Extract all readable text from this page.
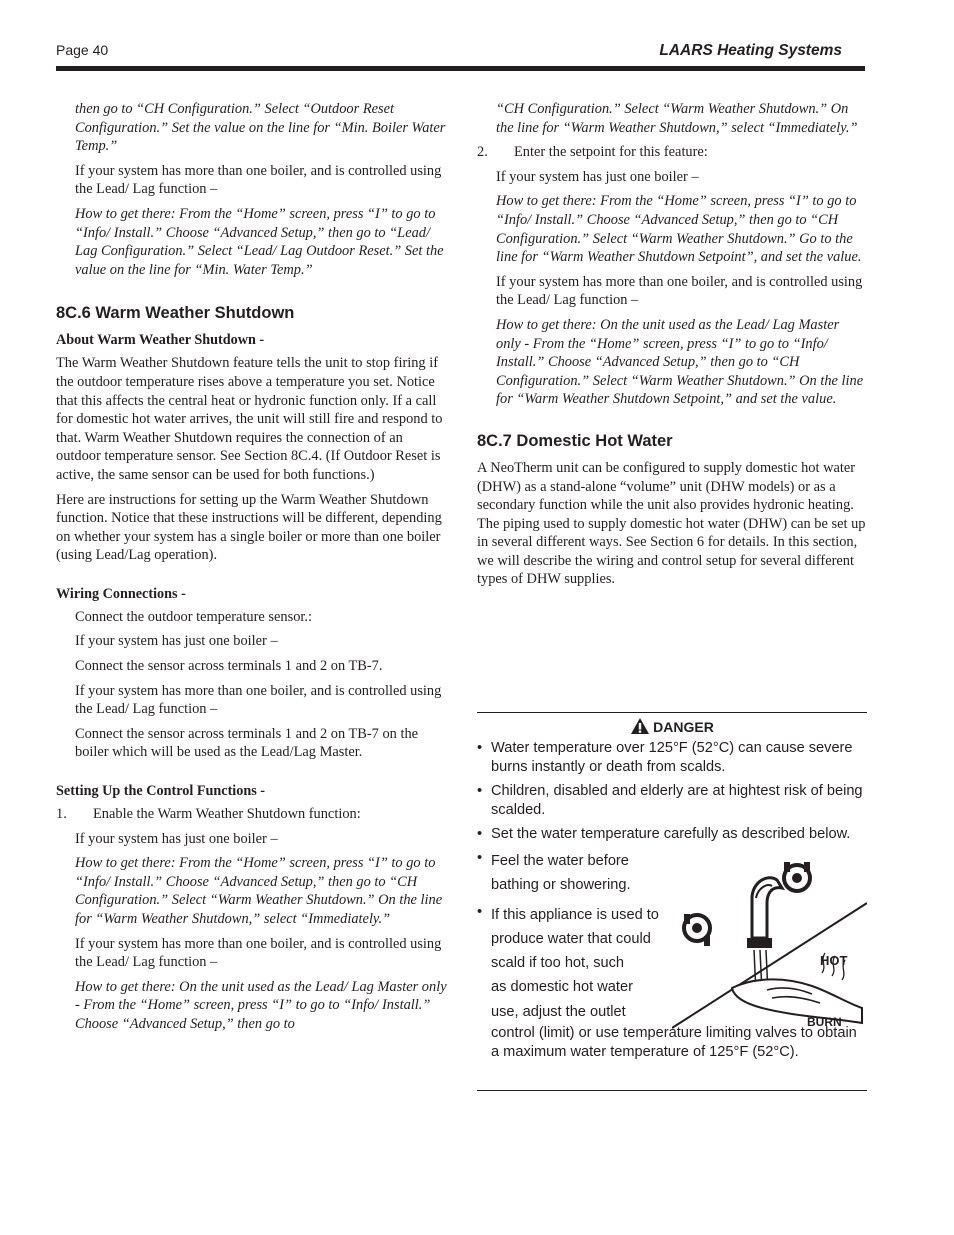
Page 40	LAARS Heating Systems

then go to “CH Configuration.” Select “Outdoor Reset Configuration.” Set the value on the line for “Min. Boiler Water Temp.”

If your system has more than one boiler, and is controlled using the Lead/ Lag function –

How to get there: From the “Home” screen, press “I” to go to “Info/ Install.” Choose “Advanced Setup,” then go to “Lead/ Lag Configuration.” Select “Lead/ Lag Outdoor Reset.” Set the value on the line for “Min. Water Temp.”

8C.6 Warm Weather Shutdown
About Warm Weather Shutdown -

The Warm Weather Shutdown feature tells the unit to stop firing if the outdoor temperature rises above a temperature you set. Notice that this affects the central heat or hydronic function only. If a call for domestic hot water arrives, the unit will still fire and respond to that. Warm Weather Shutdown requires the connection of an outdoor temperature sensor. See Section 8C.4. (If Outdoor Reset is active, the same sensor can be used for both functions.)

Here are instructions for setting up the Warm Weather Shutdown function. Notice that these instructions will be different, depending on whether your system has a single boiler or more than one boiler (using Lead/Lag operation).

Wiring Connections -

Connect the outdoor temperature sensor.:

If your system has just one boiler –

Connect the sensor across terminals 1 and 2 on TB-7.

If your system has more than one boiler, and is controlled using the Lead/ Lag function –

Connect the sensor across terminals 1 and 2 on TB-7 on the boiler which will be used as the Lead/Lag Master.

Setting Up the Control Functions -
1.	Enable the Warm Weather Shutdown function:

If your system has just one boiler –

How to get there: From the “Home” screen, press “I” to go to “Info/ Install.” Choose “Advanced Setup,” then go to “CH Configuration.” Select “Warm Weather Shutdown.” On the line for “Warm Weather Shutdown,” select “Immediately.”

If your system has more than one boiler, and is controlled using the Lead/ Lag function –

How to get there: On the unit used as the Lead/ Lag Master only - From the “Home” screen, press “I” to go to “Info/ Install.” Choose “Advanced Setup,” then go to

“CH Configuration.” Select “Warm Weather Shutdown.” On the line for “Warm Weather Shutdown,” select “Immediately.”

2.	Enter the setpoint for this feature:

If your system has just one boiler –

How to get there: From the “Home” screen, press “I” to go to “Info/ Install.” Choose “Advanced Setup,” then go to “CH Configuration.” Select “Warm Weather Shutdown.” Go to the line for “Warm Weather Shutdown Setpoint”, and set the value.

If your system has more than one boiler, and is controlled using the Lead/ Lag function –

How to get there: On the unit used as the Lead/ Lag Master only - From the “Home” screen, press “I” to go to “Info/ Install.” Choose “Advanced Setup,” then go to “CH Configuration.” Select “Warm Weather Shutdown.” On the line for “Warm Weather Shutdown Setpoint,” and set the value.

8C.7 Domestic Hot Water

A NeoTherm unit can be configured to supply domestic hot water (DHW) as a stand-alone “volume” unit (DHW models) or as a secondary function while the unit also provides hydronic heating. The piping used to supply domestic hot water (DHW) can be set up in several different ways. See Section 6 for details. In this section, we will describe the wiring and control setup for several different types of DHW supplies.

DANGER
• Water temperature over 125°F (52°C) can cause severe burns instantly or death from scalds.
• Children, disabled and elderly are at hightest risk of being scalded.
• Set the water temperature carefully as described below.
• Feel the water before
bathing or showering.
• If this appliance is used to
produce water that could
scald if too hot, such
as domestic hot water
use, adjust the outlet
control (limit) or use temperature limiting valves to obtain a maximum water temperature of 125°F (52°C).
HOT
BURN
